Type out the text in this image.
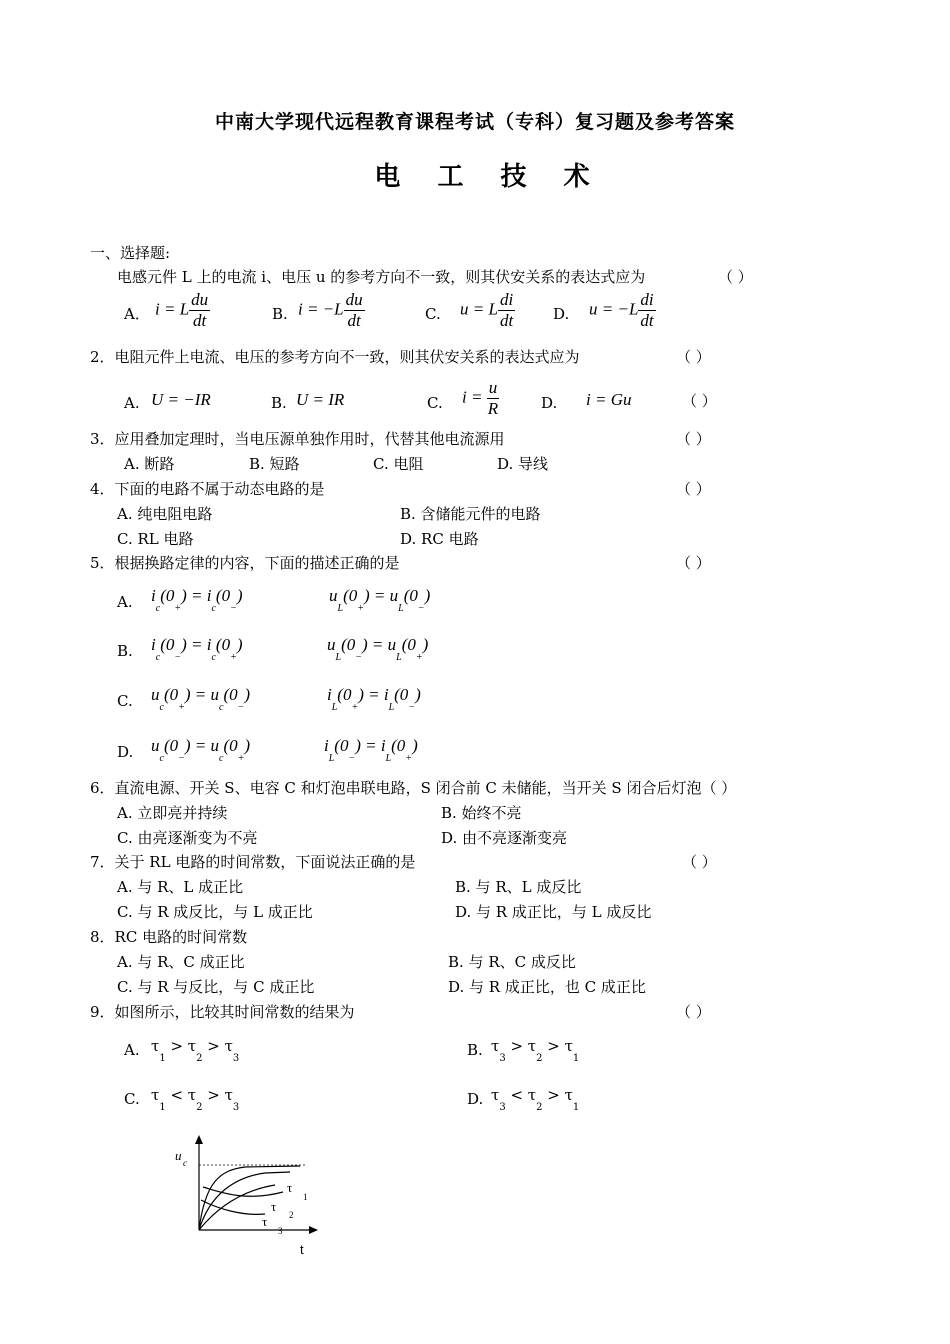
中南大学现代远程教育课程考试（专科）复习题及参考答案
电 工 技 术
一、选择题:
电感元件 L 上的电流 i、电压 u 的参考方向不一致，则其伏安关系的表达式应为	（ ）
A． i = L $\frac{du}{dt}$	B. $i = -L \frac{du}{dt}$	C. u = L $\frac{di}{dt}$	D. $u = -L \frac{di}{dt}$
2．电阻元件上电流、电压的参考方向不一致，则其伏安关系的表达式应为	（ ）
A. U = −IR	B. U = IR	C. $i = \frac{u}{R}$	D. i = Gu	（ ）
3．应用叠加定理时，当电压源单独作用时，代替其他电流源用	（ ）
A. 断路	B. 短路	C. 电阻	D. 导线
4．下面的电路不属于动态电路的是	（ ）
A. 纯电阻电路	B. 含储能元件的电路
C. RL 电路	D. RC 电路
5．根据换路定律的内容，下面的描述正确的是	（ ）
A. $i_c(0_+) = i_c(0_-)$	$u_L(0_+) = u_L(0_-)$
B. $i_c(0_-) = i_c(0_+)$	$u_L(0_-) = u_L(0_+)$
C. $u_c(0_+) = u_c(0_-)$	$i_L(0_+) = i_L(0_-)$
D. $u_c(0_-) = u_c(0_+)$	$i_L(0_-) = i_L(0_+)$
6．直流电源、开关 S、电容 C 和灯泡串联电路，S 闭合前 C 未储能，当开关 S 闭合后灯泡（ ）
A. 立即亮并持续	B. 始终不亮
C. 由亮逐渐变为不亮	D. 由不亮逐渐变亮
7．关于 RL 电路的时间常数，下面说法正确的是	（ ）
A. 与 R、L 成正比	B. 与 R、L 成反比
C. 与 R 成反比，与 L 成正比	D. 与 R 成正比，与 L 成反比
8．RC 电路的时间常数
A. 与 R、C 成正比	B. 与 R、C 成反比
C. 与 R 与反比，与 C 成正比	D. 与 R 成正比，也 C 成正比
9．如图所示，比较其时间常数的结果为	（ ）
A. $\tau_1 > \tau_2 > \tau_3$	B. $\tau_3 > \tau_2 > \tau_1$
C. $\tau_1 < \tau_2 > \tau_3$	D. $\tau_3 < \tau_2 > \tau_1$
u c
t
τ
1
τ
2
τ
3
